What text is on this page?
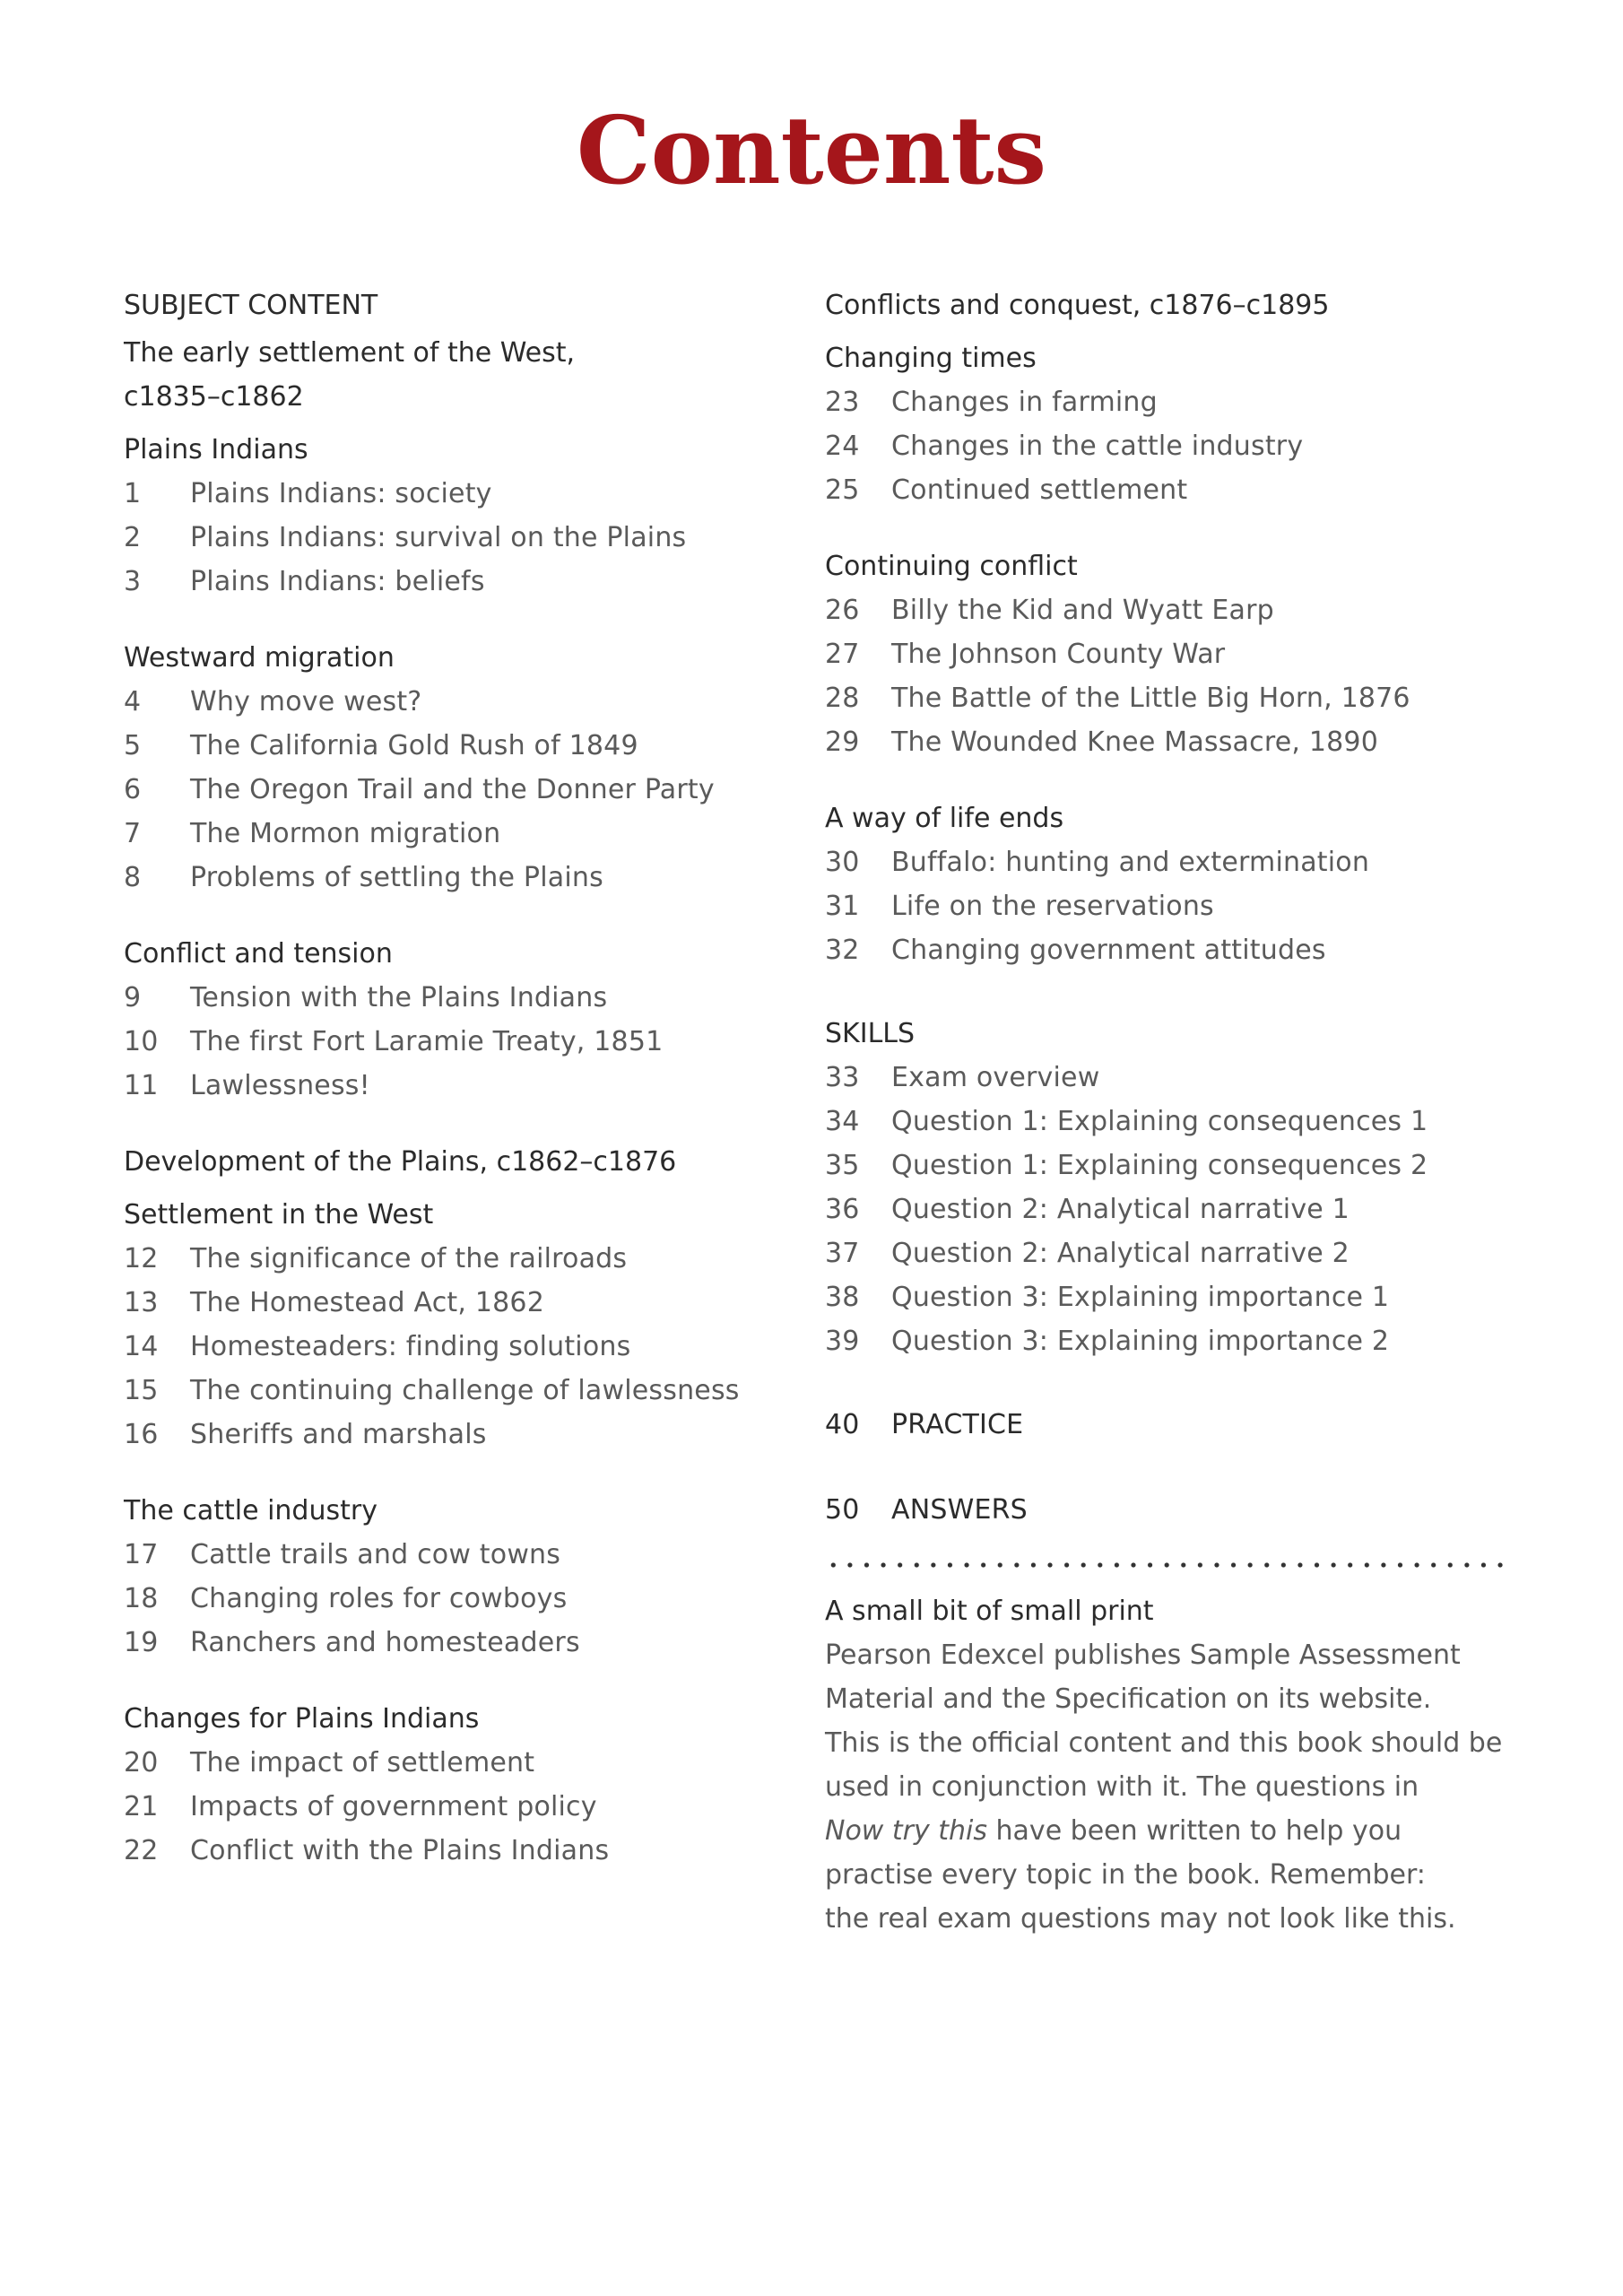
Contents
SUBJECT CONTENT
The early settlement of the West,
c1835–c1862
Plains Indians
1	Plains Indians: society
2	Plains Indians: survival on the Plains
3	Plains Indians: beliefs
Westward migration
4	Why move west?
5	The California Gold Rush of 1849
6	The Oregon Trail and the Donner Party
7	The Mormon migration
8	Problems of settling the Plains
Conflict and tension
9	Tension with the Plains Indians
10	The first Fort Laramie Treaty, 1851
11	Lawlessness!
Development of the Plains, c1862–c1876
Settlement in the West
12	The significance of the railroads
13	The Homestead Act, 1862
14	Homesteaders: finding solutions
15	The continuing challenge of lawlessness
16	Sheriffs and marshals
The cattle industry
17	Cattle trails and cow towns
18	Changing roles for cowboys
19	Ranchers and homesteaders
Changes for Plains Indians
20	The impact of settlement
21	Impacts of government policy
22	Conflict with the Plains Indians
Conflicts and conquest, c1876–c1895
Changing times
23	Changes in farming
24	Changes in the cattle industry
25	Continued settlement
Continuing conflict
26	Billy the Kid and Wyatt Earp
27	The Johnson County War
28	The Battle of the Little Big Horn, 1876
29	The Wounded Knee Massacre, 1890
A way of life ends
30	Buffalo: hunting and extermination
31	Life on the reservations
32	Changing government attitudes
SKILLS
33	Exam overview
34	Question 1: Explaining consequences 1
35	Question 1: Explaining consequences 2
36	Question 2: Analytical narrative 1
37	Question 2: Analytical narrative 2
38	Question 3: Explaining importance 1
39	Question 3: Explaining importance 2
40	PRACTICE
50	ANSWERS
A small bit of small print
Pearson Edexcel publishes Sample Assessment
Material and the Specification on its website.
This is the official content and this book should be
used in conjunction with it. The questions in
Now try this have been written to help you
practise every topic in the book. Remember:
the real exam questions may not look like this.
